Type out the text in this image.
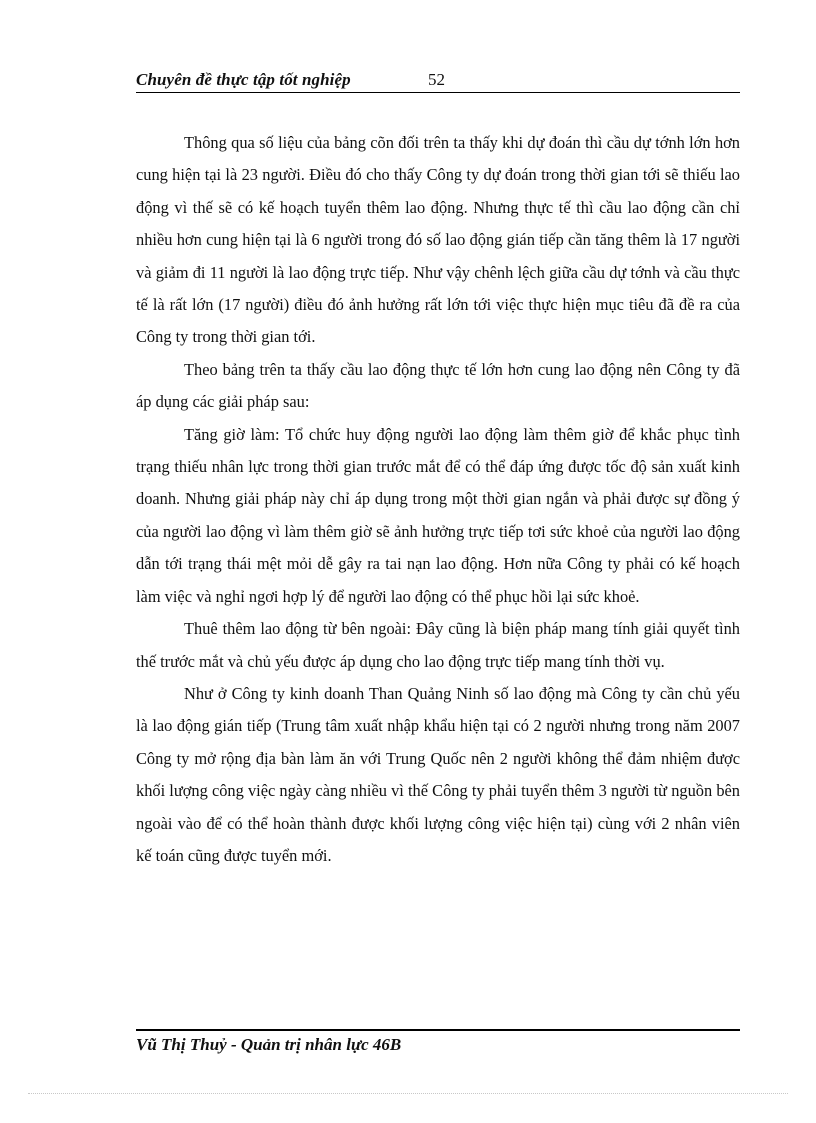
Chuyên đề thực tập tốt nghiệp	52

Thông qua số liệu của bảng cõn đối trên ta thấy khi dự đoán thì cầu dự tớnh lớn hơn cung hiện tại là 23 người. Điều đó cho thấy Công ty dự đoán trong thời gian tới sẽ thiếu lao động vì thế sẽ có kế hoạch tuyển thêm lao động. Nhưng thực tế thì cầu lao động cần chỉ nhiều hơn cung hiện tại là 6 người trong đó số lao động gián tiếp cần tăng thêm là 17 người và giảm đi 11 người là lao động trực tiếp. Như vậy chênh lệch giữa cầu dự tớnh và cầu thực tế là rất lớn (17 người) điều đó ảnh hưởng rất lớn tới việc thực hiện mục tiêu đã đề ra của Công ty trong thời gian tới.

Theo bảng trên ta thấy cầu lao động thực tế lớn hơn cung lao động nên Công ty đã áp dụng các giải pháp sau:

Tăng giờ làm: Tổ chức huy động người lao động làm thêm giờ để khắc phục tình trạng thiếu nhân lực trong thời gian trước mắt để có thể đáp ứng được tốc độ sản xuất kinh doanh. Nhưng giải pháp này chỉ áp dụng trong một thời gian ngắn và phải được sự đồng ý của người lao động vì làm thêm giờ sẽ ảnh hưởng trực tiếp tơi sức khoẻ của người lao động dẫn tới trạng thái mệt mỏi dễ gây ra tai nạn lao động. Hơn nữa Công ty phải có kế hoạch làm việc và nghỉ ngơi hợp lý để người lao động có thể phục hồi lại sức khoẻ.

Thuê thêm lao động từ bên ngoài: Đây cũng là biện pháp mang tính giải quyết tình thế trước mắt và chủ yếu được áp dụng cho lao động trực tiếp mang tính thời vụ.

Như ở Công ty kinh doanh Than Quảng Ninh số lao động mà Công ty cần chủ yếu là lao động gián tiếp (Trung tâm xuất nhập khẩu hiện tại có 2 người nhưng trong năm 2007 Công ty mở rộng địa bàn làm ăn với Trung Quốc nên 2 người không thể đảm nhiệm được khối lượng công việc ngày càng nhiều vì thế Công ty phải tuyển thêm 3 người từ nguồn bên ngoài vào để có thể hoàn thành được khối lượng công việc hiện tại) cùng với 2 nhân viên kế toán cũng được tuyển mới.

Vũ Thị Thuỷ - Quản trị nhân lực 46B
